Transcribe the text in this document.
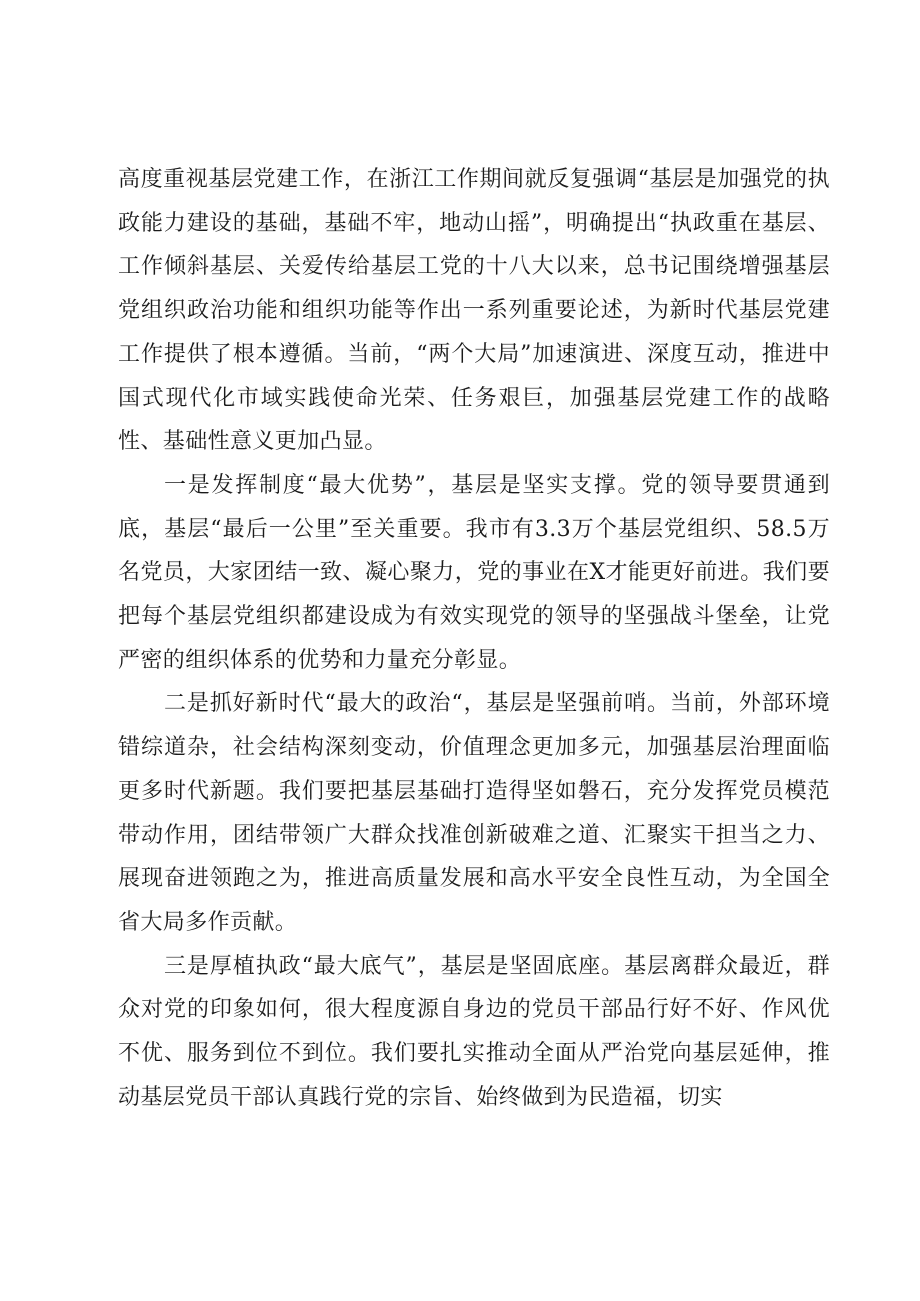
高度重视基层党建工作，在浙江工作期间就反复强调“基层是加强党的执政能力建设的基础，基础不牢，地动山摇”，明确提出“执政重在基层、工作倾斜基层、关爱传给基层工党的十八大以来，总书记围绕增强基层党组织政治功能和组织功能等作出一系列重要论述，为新时代基层党建工作提供了根本遵循。当前，“两个大局”加速演进、深度互动，推进中国式现代化市域实践使命光荣、任务艰巨，加强基层党建工作的战略性、基础性意义更加凸显。

一是发挥制度“最大优势”，基层是坚实支撑。党的领导要贯通到底，基层“最后一公里”至关重要。我市有3.3万个基层党组织、58.5万名党员，大家团结一致、凝心聚力，党的事业在X才能更好前进。我们要把每个基层党组织都建设成为有效实现党的领导的坚强战斗堡垒，让党严密的组织体系的优势和力量充分彰显。

二是抓好新时代“最大的政治“，基层是坚强前哨。当前，外部环境错综道杂，社会结构深刻变动，价值理念更加多元，加强基层治理面临更多时代新题。我们要把基层基础打造得坚如磐石，充分发挥党员模范带动作用，团结带领广大群众找准创新破难之道、汇聚实干担当之力、展现奋进领跑之为，推进高质量发展和高水平安全良性互动，为全国全省大局多作贡献。

三是厚植执政“最大底气”，基层是坚固底座。基层离群众最近，群众对党的印象如何，很大程度源自身边的党员干部品行好不好、作风优不优、服务到位不到位。我们要扎实推动全面从严治党向基层延伸，推动基层党员干部认真践行党的宗旨、始终做到为民造福，切实
